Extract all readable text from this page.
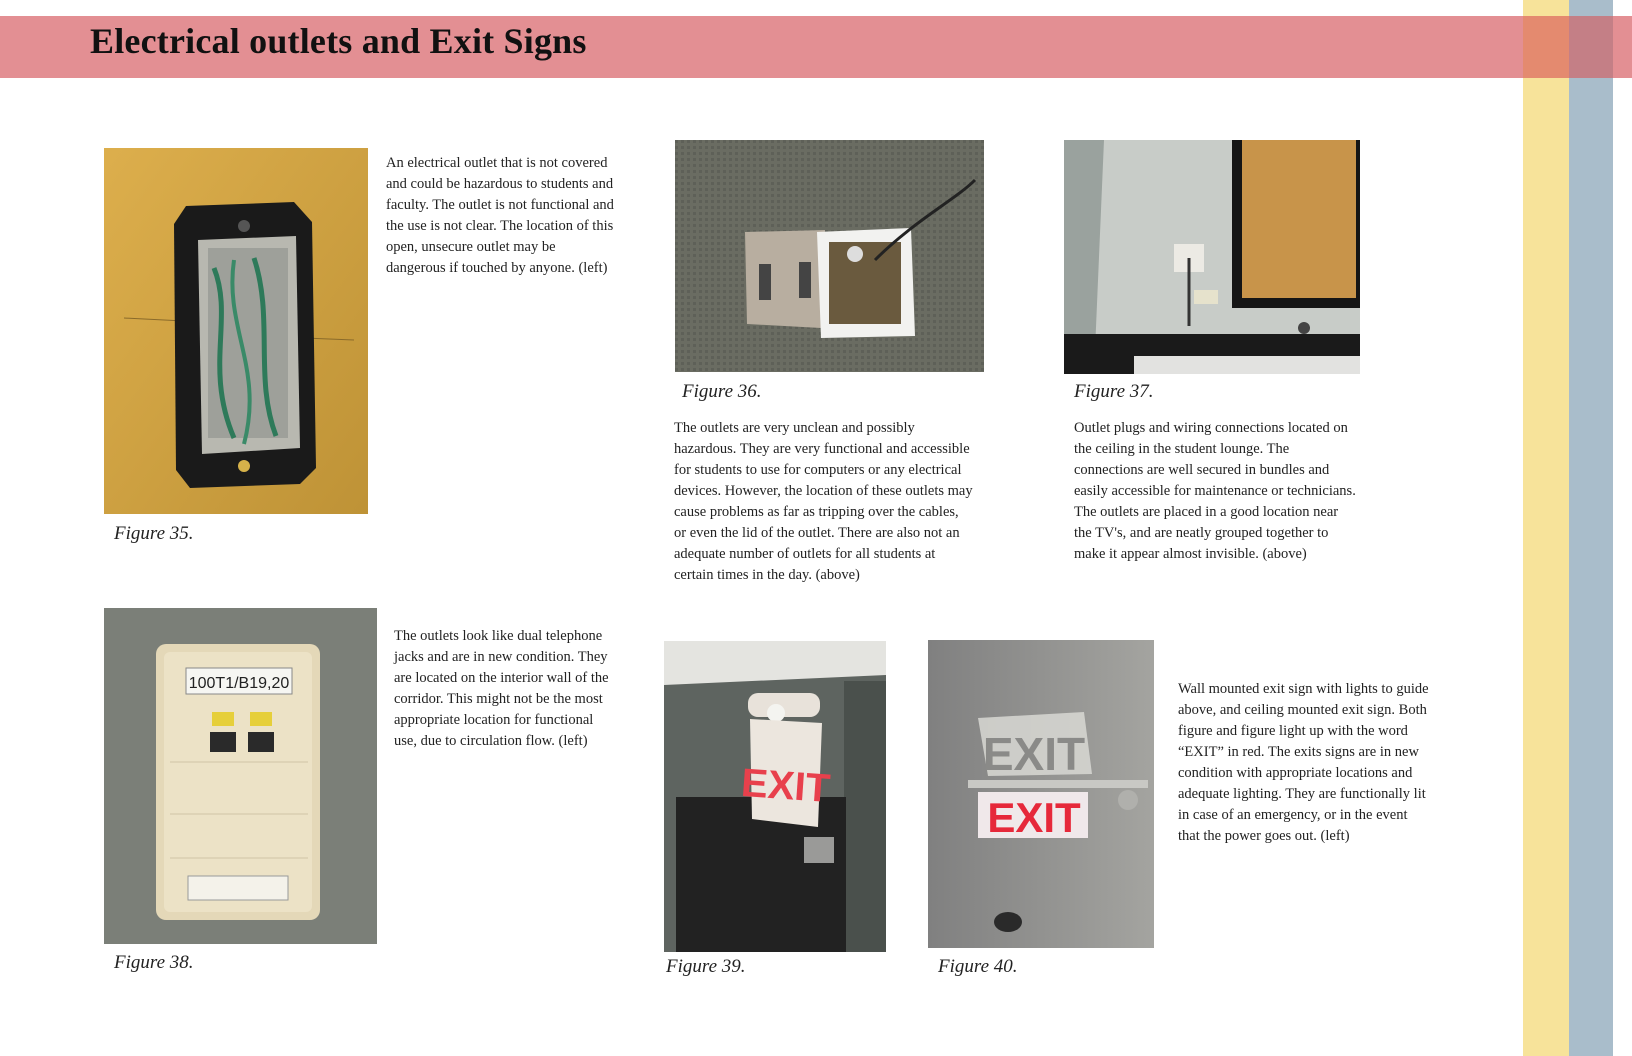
Electrical outlets and Exit Signs
Figure 35.

An electrical outlet that is not covered and could be hazardous to students and faculty. The outlet is not functional and the use is not clear. The location of this open, unsecure outlet may be dangerous if touched by anyone. (left)

Figure 36.

The outlets are very unclean and possibly hazardous. They are very functional and accessible for students to use for computers or any electrical devices. However, the location of these outlets may cause problems as far as tripping over the cables, or even the lid of the outlet. There are also not an adequate number of outlets for all students at certain times in the day. (above)

Figure 37.

Outlet plugs and wiring connections located on the ceiling in the student lounge. The connections are well secured in bundles and easily accessible for maintenance or technicians. The outlets are placed in a good location near the TV's, and are neatly grouped together to make it appear almost invisible. (above)

100T1/B19,20
Figure 38.

The outlets look like dual telephone jacks and are in new condition. They are located on the interior wall of the corridor. This might not be the most appropriate location for functional use, due to circulation flow. (left)

EXIT
Figure 39.
EXIT
EXIT
Figure 40.

Wall mounted exit sign with lights to guide above, and ceiling mounted exit sign. Both figure and figure light up with the word “EXIT” in red. The exits signs are in new condition with appropriate locations and adequate lighting. They are functionally lit in case of an emergency, or in the event that the power goes out. (left)
